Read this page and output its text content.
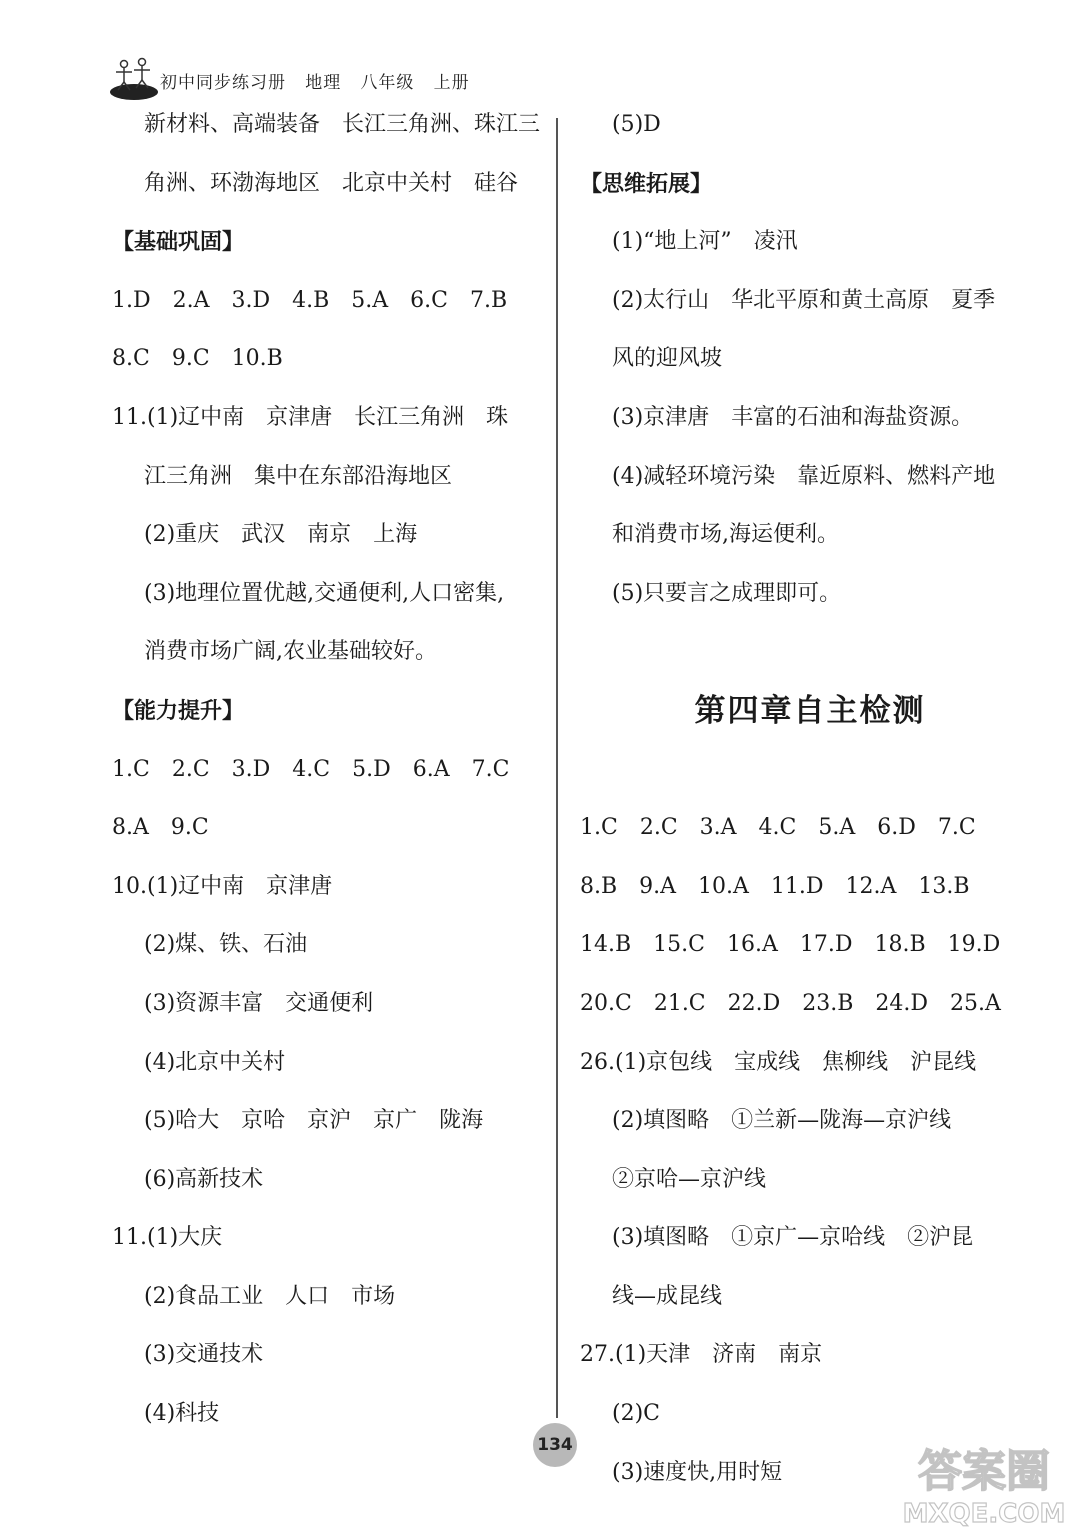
初中同步练习册 地理 八年级 上册
新材料、高端装备　长江三角洲、珠江三
角洲、环渤海地区　北京中关村　硅谷
【基础巩固】
1.D　2.A　3.D　4.B　5.A　6.C　7.B
8.C　9.C　10.B
11.(1)辽中南　京津唐　长江三角洲　珠
江三角洲　集中在东部沿海地区
(2)重庆　武汉　南京　上海
(3)地理位置优越,交通便利,人口密集,
消费市场广阔,农业基础较好。
【能力提升】
1.C　2.C　3.D　4.C　5.D　6.A　7.C
8.A　9.C
10.(1)辽中南　京津唐
(2)煤、铁、石油
(3)资源丰富　交通便利
(4)北京中关村
(5)哈大　京哈　京沪　京广　陇海
(6)高新技术
11.(1)大庆
(2)食品工业　人口　市场
(3)交通技术
(4)科技
(5)D
【思维拓展】
(1)“地上河”　凌汛
(2)太行山　华北平原和黄土高原　夏季
风的迎风坡
(3)京津唐　丰富的石油和海盐资源。
(4)减轻环境污染　靠近原料、燃料产地
和消费市场,海运便利。
(5)只要言之成理即可。
第四章自主检测
1.C　2.C　3.A　4.C　5.A　6.D　7.C
8.B　9.A　10.A　11.D　12.A　13.B
14.B　15.C　16.A　17.D　18.B　19.D
20.C　21.C　22.D　23.B　24.D　25.A
26.(1)京包线　宝成线　焦柳线　沪昆线
(2)填图略　①兰新—陇海—京沪线
②京哈—京沪线
(3)填图略　①京广—京哈线　②沪昆
线—成昆线
27.(1)天津　济南　南京
(2)C
(3)速度快,用时短
134
答案圈
MXQE.COM
